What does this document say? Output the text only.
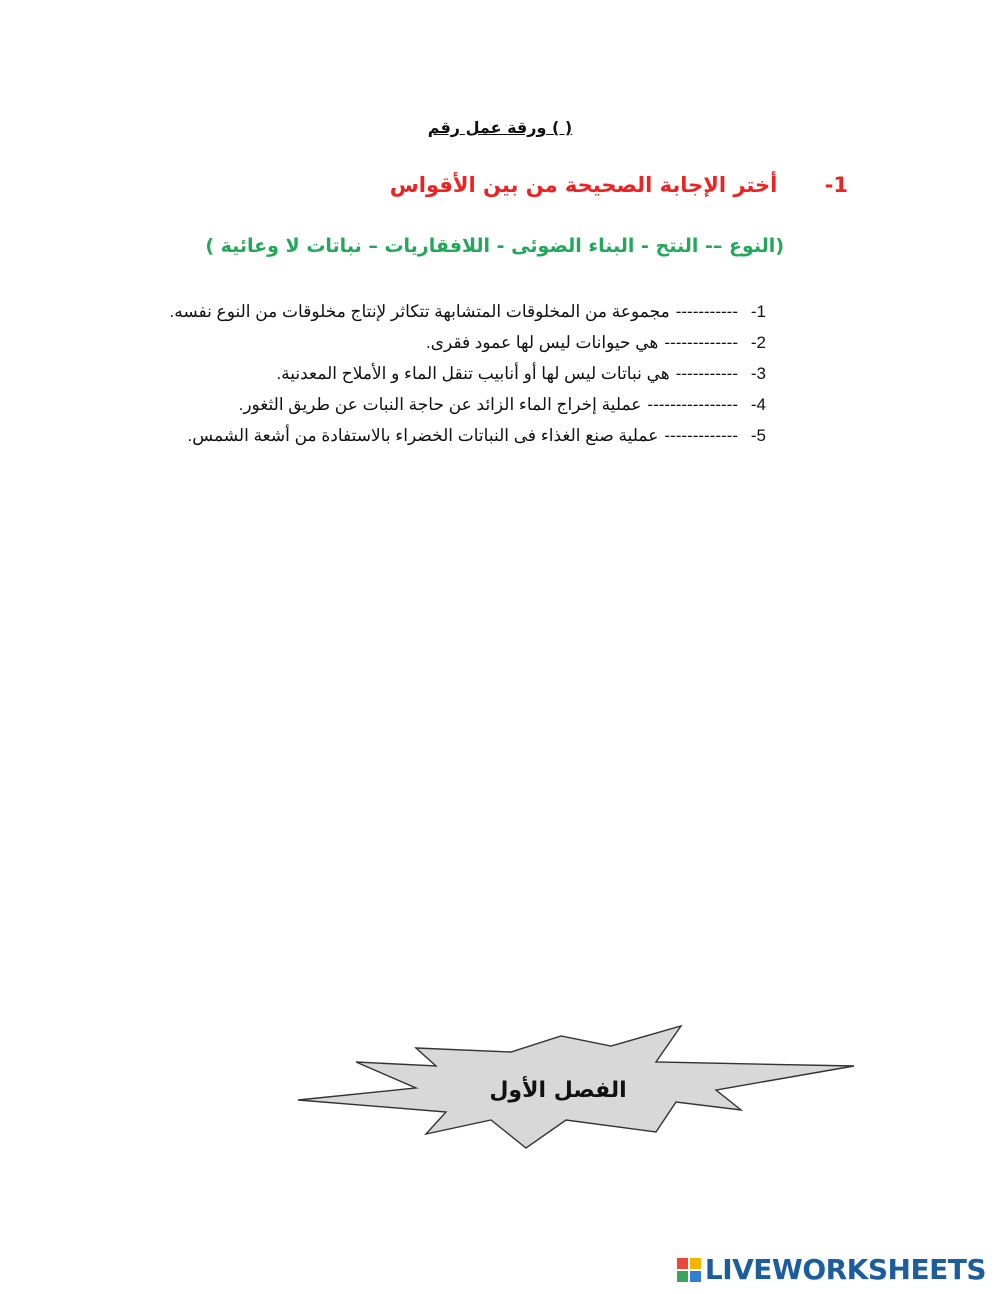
ورقة عمل رقم ( )
1- أختر الإجابة الصحيحة من بين الأقواس
(النوع –- النتح - البناء الضوئى - اللافقاريات – نباتات لا وعائية )
1-
-----------
مجموعة من المخلوقات المتشابهة تتكاثر لإنتاج مخلوقات من النوع نفسه.
2-
-------------
هي حيوانات ليس لها عمود فقرى.
3-
-----------
هي نباتات ليس لها أو أنابيب تنقل الماء و الأملاح المعدنية.
4-
----------------
عملية إخراج الماء الزائد عن حاجة النبات عن طريق الثغور.
5-
-------------
عملية صنع الغذاء فى النباتات الخضراء بالاستفادة من أشعة الشمس.
الفصل الأول
LIVEWORKSHEETS
